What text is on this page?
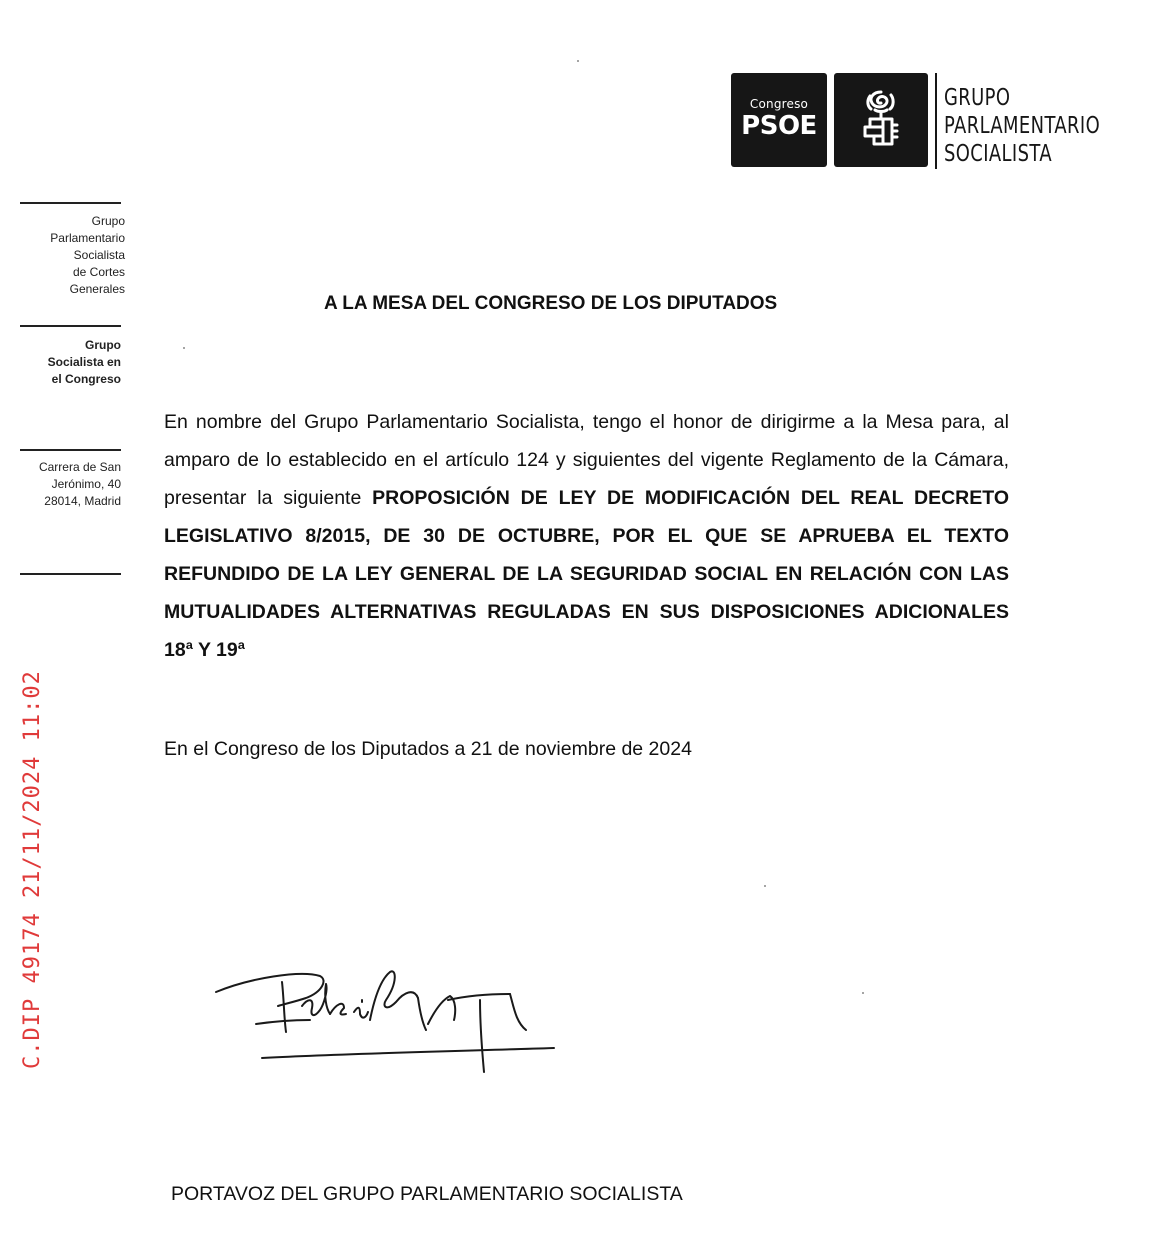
Congreso
PSOE
GRUPO
PARLAMENTARIO
SOCIALISTA
Grupo
Parlamentario
Socialista
de Cortes
Generales
Grupo
Socialista en
el Congreso
Carrera de San
Jerónimo, 40
28014, Madrid
C.DIP 49174 21/11/2024 11:02
A LA MESA DEL CONGRESO DE LOS DIPUTADOS
En nombre del Grupo Parlamentario Socialista, tengo el honor de dirigirme a la Mesa para, al amparo de lo establecido en el artículo 124 y siguientes del vigente Reglamento de la Cámara, presentar la siguiente PROPOSICIÓN DE LEY DE MODIFICACIÓN DEL REAL DECRETO LEGISLATIVO 8/2015, DE 30 DE OCTUBRE, POR EL QUE SE APRUEBA EL TEXTO REFUNDIDO DE LA LEY GENERAL DE LA SEGURIDAD SOCIAL EN RELACIÓN CON LAS MUTUALIDADES ALTERNATIVAS REGULADAS EN SUS DISPOSICIONES ADICIONALES 18ª Y 19ª
En el Congreso de los Diputados a 21 de noviembre de 2024
PORTAVOZ DEL GRUPO PARLAMENTARIO SOCIALISTA
